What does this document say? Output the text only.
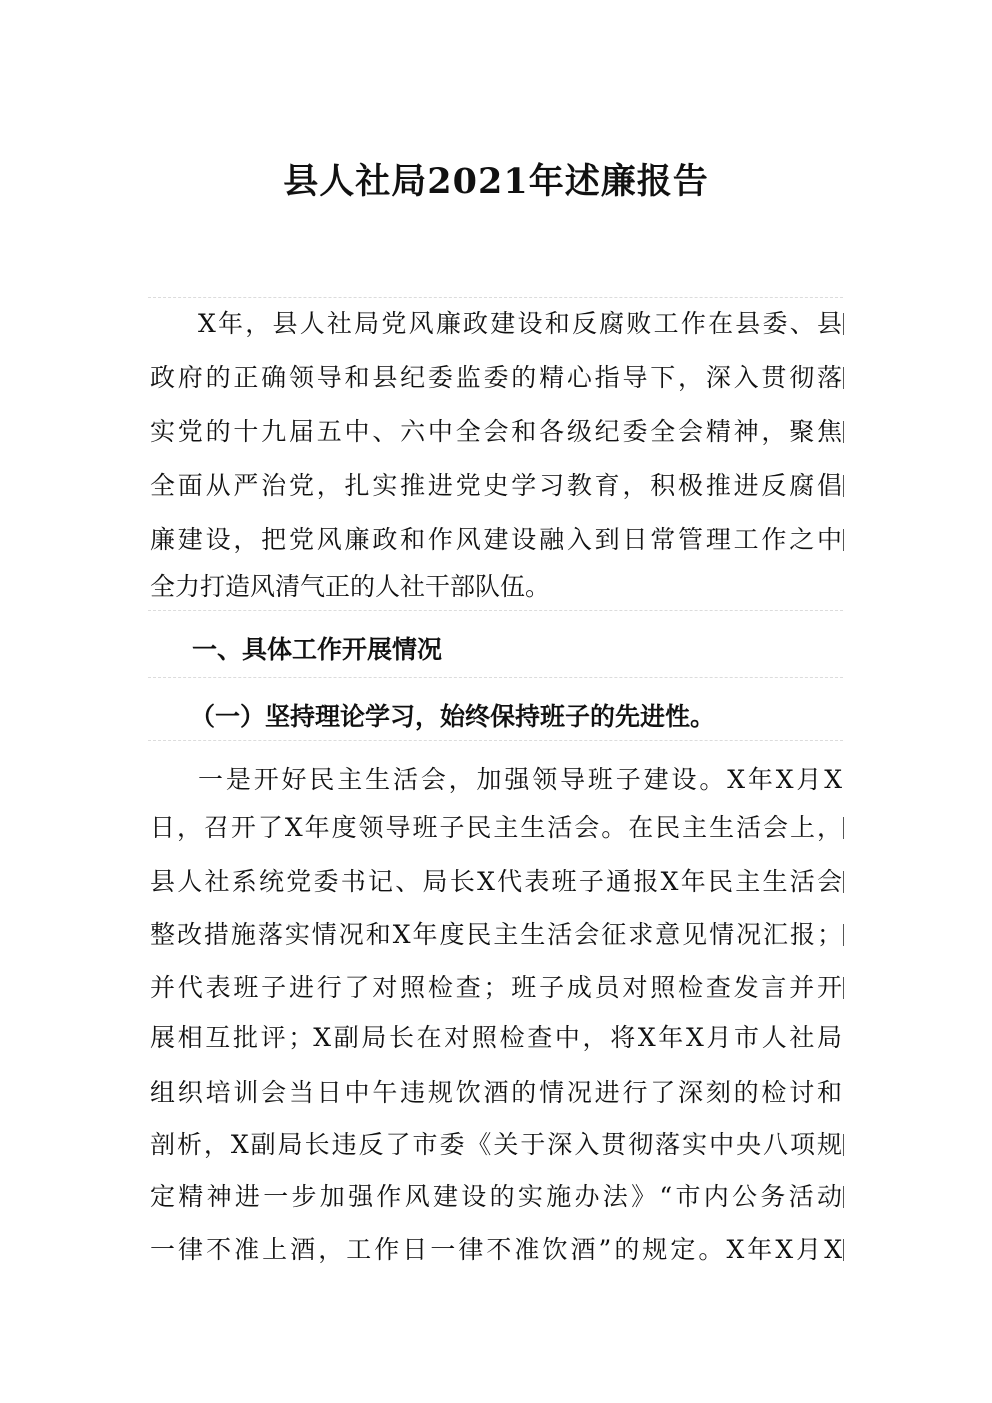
县人社局2021年述廉报告
X年，县人社局党风廉政建设和反腐败工作在县委、县
政府的正确领导和县纪委监委的精心指导下，深入贯彻落
实党的十九届五中、六中全会和各级纪委全会精神，聚焦
全面从严治党，扎实推进党史学习教育，积极推进反腐倡
廉建设，把党风廉政和作风建设融入到日常管理工作之中
全力打造风清气正的人社干部队伍。
一、具体工作开展情况
（一）坚持理论学习，始终保持班子的先进性。
一是开好民主生活会，加强领导班子建设。X年X月X
日，召开了X年度领导班子民主生活会。在民主生活会上，
县人社系统党委书记、局长X代表班子通报X年民主生活会
整改措施落实情况和X年度民主生活会征求意见情况汇报；
并代表班子进行了对照检查；班子成员对照检查发言并开
展相互批评；X副局长在对照检查中，将X年X月市人社局
组织培训会当日中午违规饮酒的情况进行了深刻的检讨和
剖析，X副局长违反了市委《关于深入贯彻落实中央八项规
定精神进一步加强作风建设的实施办法》“市内公务活动
一律不准上酒，工作日一律不准饮酒”的规定。X年X月X
